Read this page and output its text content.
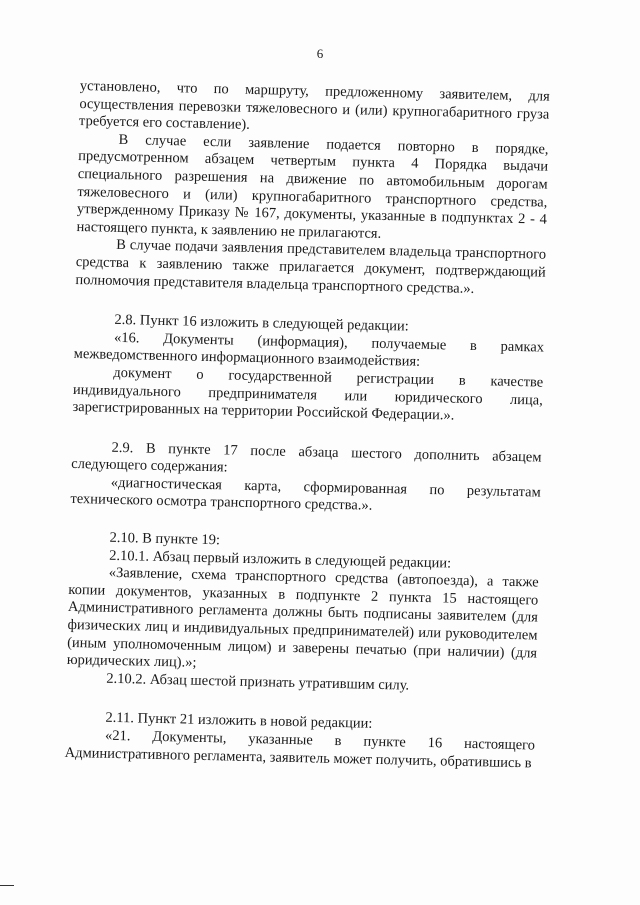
6

установлено, что по маршруту, предложенному заявителем, для осуществления перевозки тяжеловесного и (или) крупногабаритного груза требуется его составление).

В случае если заявление подается повторно в порядке, предусмотренном абзацем четвертым пункта 4 Порядка выдачи специального разрешения на движение по автомобильным дорогам тяжеловесного и (или) крупногабаритного транспортного средства, утвержденному Приказу № 167, документы, указанные в подпунктах 2 - 4 настоящего пункта, к заявлению не прилагаются.

В случае подачи заявления представителем владельца транспортного средства к заявлению также прилагается документ, подтверждающий полномочия представителя владельца транспортного средства.».

2.8. Пункт 16 изложить в следующей редакции:

«16. Документы (информация), получаемые в рамках межведомственного информационного взаимодействия:

документ о государственной регистрации в качестве индивидуального предпринимателя или юридического лица, зарегистрированных на территории Российской Федерации.».

2.9. В пункте 17 после абзаца шестого дополнить абзацем следующего содержания:

«диагностическая карта, сформированная по результатам технического осмотра транспортного средства.».

2.10. В пункте 19:

2.10.1. Абзац первый изложить в следующей редакции:

«Заявление, схема транспортного средства (автопоезда), а также копии документов, указанных в подпункте 2 пункта 15 настоящего Административного регламента должны быть подписаны заявителем (для физических лиц и индивидуальных предпринимателей) или руководителем (иным уполномоченным лицом) и заверены печатью (при наличии) (для юридических лиц).»;

2.10.2. Абзац шестой признать утратившим силу.

2.11. Пункт 21 изложить в новой редакции:

«21. Документы, указанные в пункте 16 настоящего Административного регламента, заявитель может получить, обратившись в
